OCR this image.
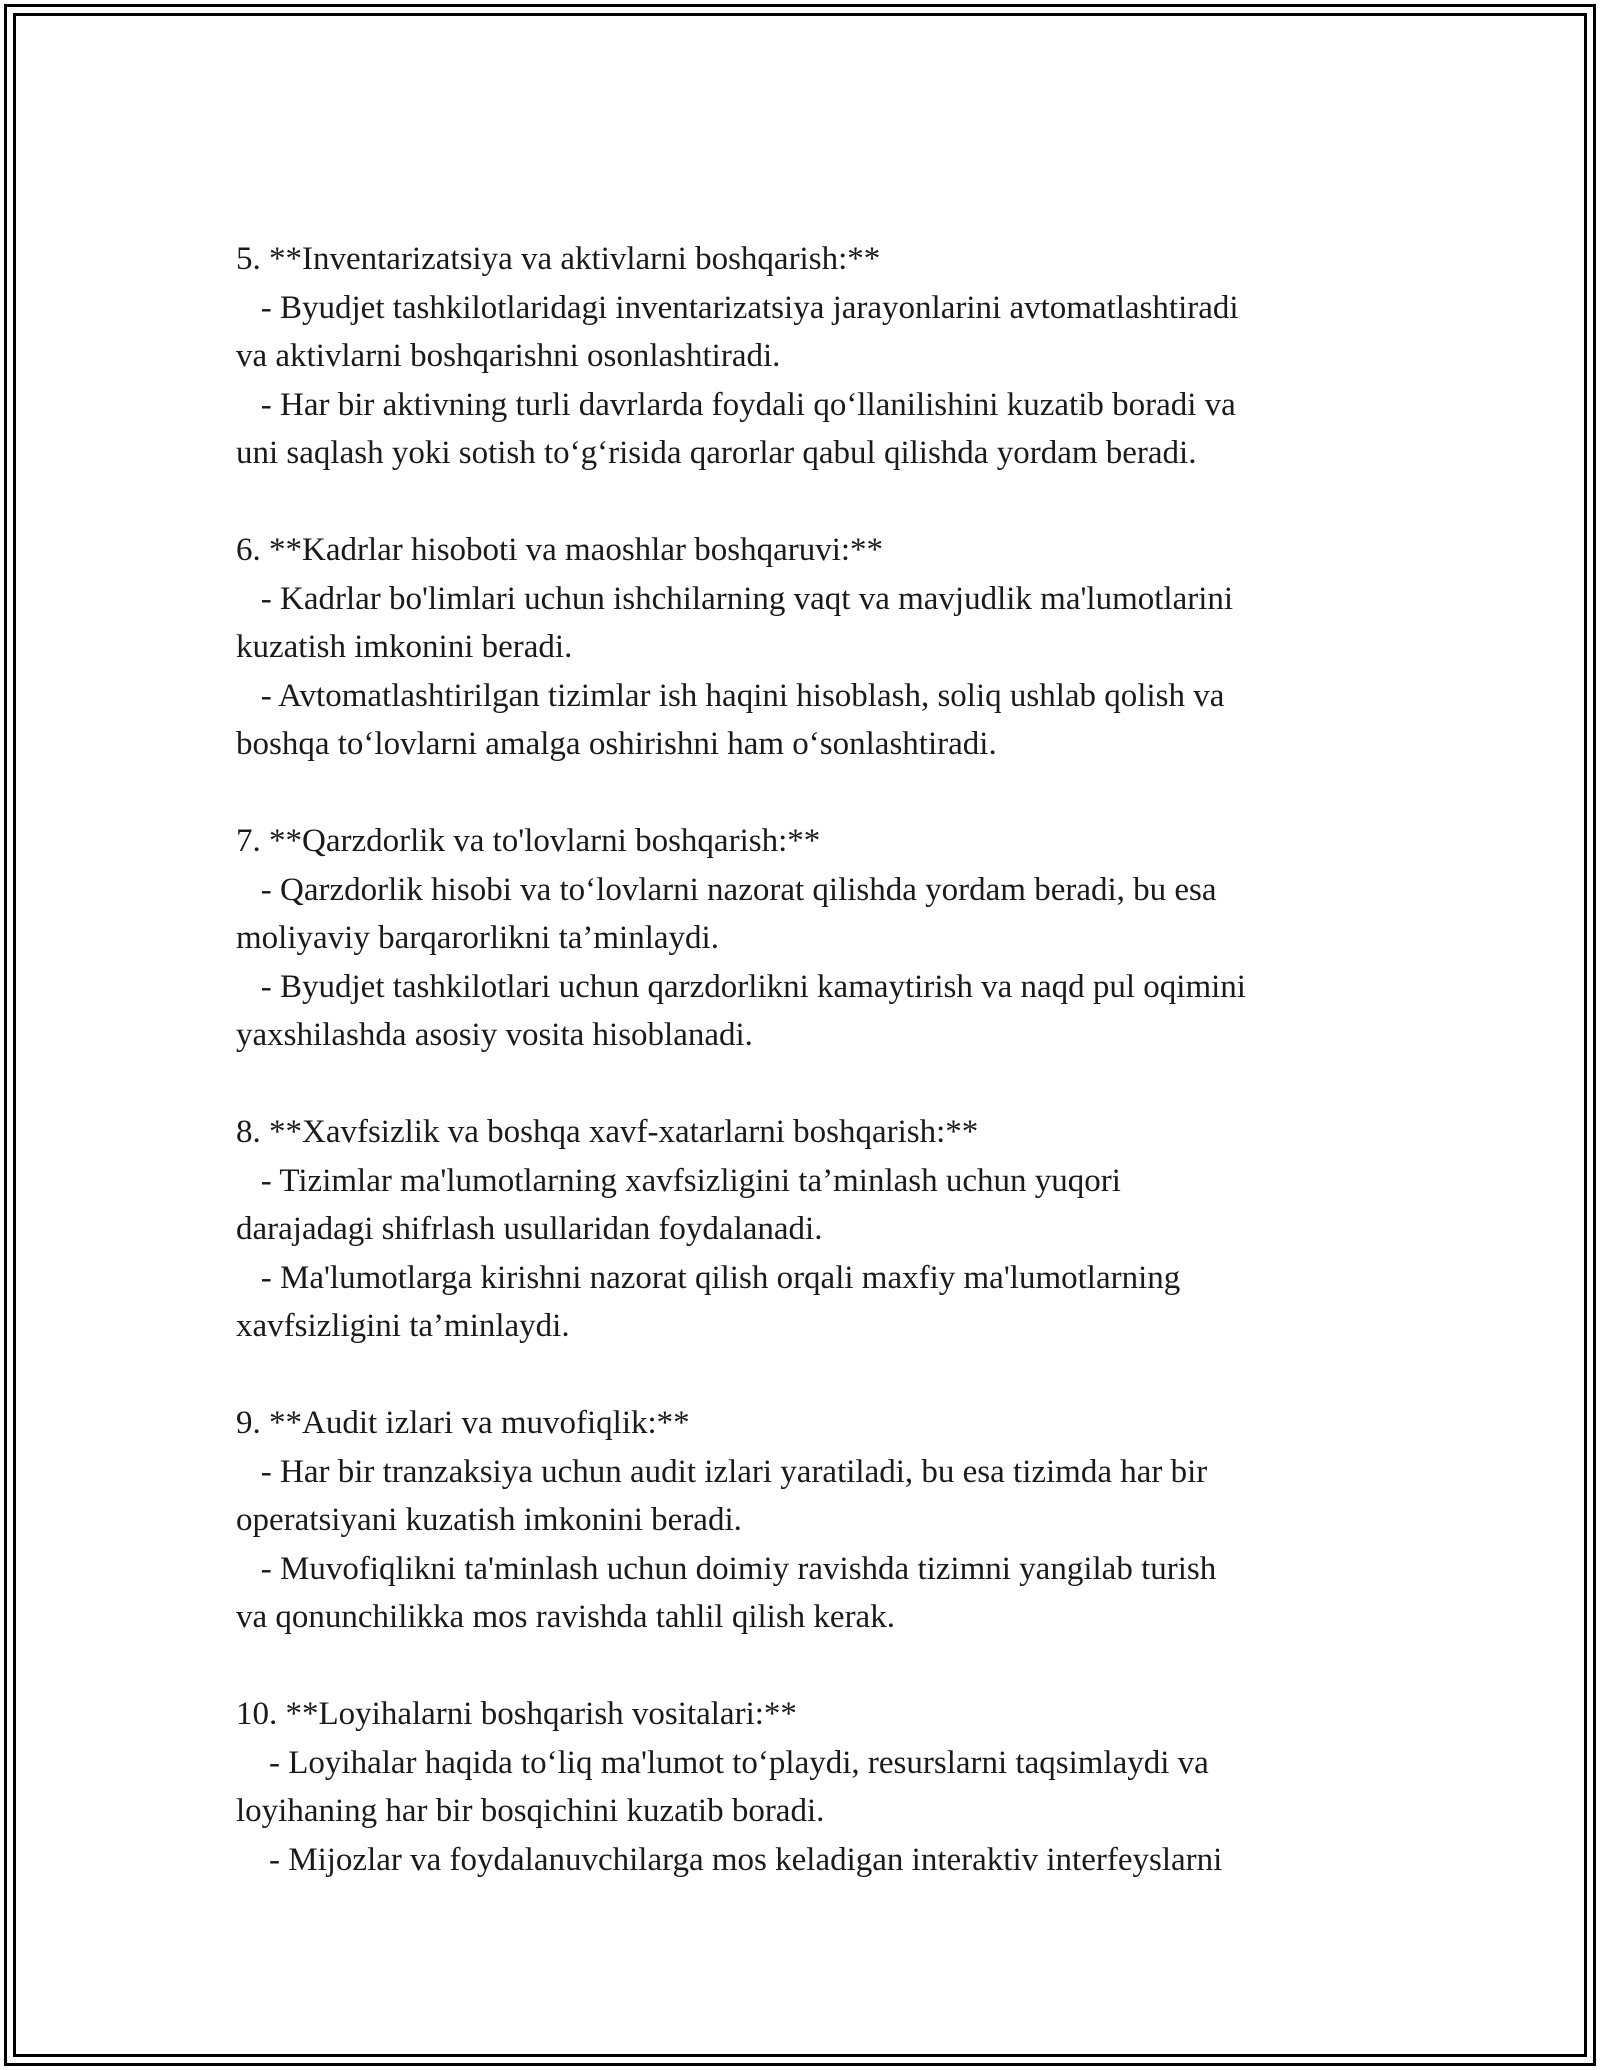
5. **Inventarizatsiya va aktivlarni boshqarish:**
- Byudjet tashkilotlaridagi inventarizatsiya jarayonlarini avtomatlashtiradi
va aktivlarni boshqarishni osonlashtiradi.
- Har bir aktivning turli davrlarda foydali qo‘llanilishini kuzatib boradi va
uni saqlash yoki sotish to‘g‘risida qarorlar qabul qilishda yordam beradi.
6. **Kadrlar hisoboti va maoshlar boshqaruvi:**
- Kadrlar bo'limlari uchun ishchilarning vaqt va mavjudlik ma'lumotlarini
kuzatish imkonini beradi.
- Avtomatlashtirilgan tizimlar ish haqini hisoblash, soliq ushlab qolish va
boshqa to‘lovlarni amalga oshirishni ham o‘sonlashtiradi.
7. **Qarzdorlik va to'lovlarni boshqarish:**
- Qarzdorlik hisobi va to‘lovlarni nazorat qilishda yordam beradi, bu esa
moliyaviy barqarorlikni ta’minlaydi.
- Byudjet tashkilotlari uchun qarzdorlikni kamaytirish va naqd pul oqimini
yaxshilashda asosiy vosita hisoblanadi.
8. **Xavfsizlik va boshqa xavf-xatarlarni boshqarish:**
- Tizimlar ma'lumotlarning xavfsizligini ta’minlash uchun yuqori
darajadagi shifrlash usullaridan foydalanadi.
- Ma'lumotlarga kirishni nazorat qilish orqali maxfiy ma'lumotlarning
xavfsizligini ta’minlaydi.
9. **Audit izlari va muvofiqlik:**
- Har bir tranzaksiya uchun audit izlari yaratiladi, bu esa tizimda har bir
operatsiyani kuzatish imkonini beradi.
- Muvofiqlikni ta'minlash uchun doimiy ravishda tizimni yangilab turish
va qonunchilikka mos ravishda tahlil qilish kerak.
10. **Loyihalarni boshqarish vositalari:**
- Loyihalar haqida to‘liq ma'lumot to‘playdi, resurslarni taqsimlaydi va
loyihaning har bir bosqichini kuzatib boradi.
- Mijozlar va foydalanuvchilarga mos keladigan interaktiv interfeyslarni
